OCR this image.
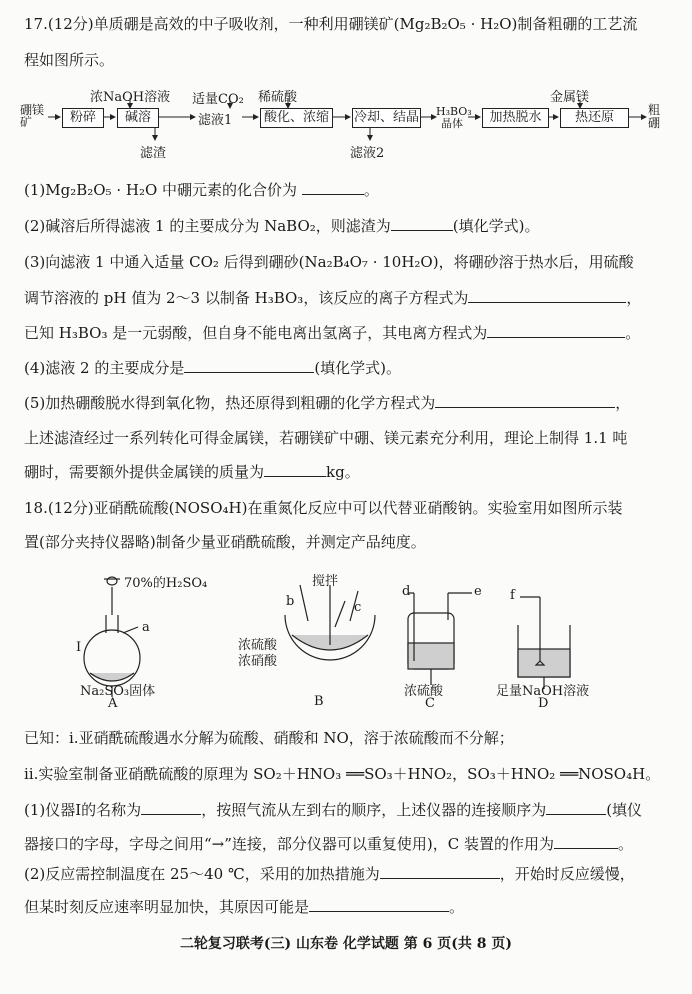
17.(12分)单质硼是高效的中子吸收剂，一种利用硼镁矿(Mg₂B₂O₅ · H₂O)制备粗硼的工艺流
程如图所示。
硼镁矿	粉碎
浓NaOH溶液
碱溶
滤渣
适量CO₂
滤液1
稀硫酸
酸化、浓缩	冷却、结晶
滤液2
H₃BO₃晶体	加热脱水
金属镁
热还原	粗硼
(1)Mg₂B₂O₅ · H₂O 中硼元素的化合价为	。
(2)碱溶后所得滤液 1 的主要成分为 NaBO₂，则滤渣为	(填化学式)。
(3)向滤液 1 中通入适量 CO₂ 后得到硼砂(Na₂B₄O₇ · 10H₂O)，将硼砂溶于热水后，用硫酸
调节溶液的 pH 值为 2～3 以制备 H₃BO₃，该反应的离子方程式为	，
已知 H₃BO₃ 是一元弱酸，但自身不能电离出氢离子，其电离方程式为	。
(4)滤液 2 的主要成分是	(填化学式)。
(5)加热硼酸脱水得到氧化物，热还原得到粗硼的化学方程式为	，
上述滤渣经过一系列转化可得金属镁，若硼镁矿中硼、镁元素充分利用，理论上制得 1.1 吨
硼时，需要额外提供金属镁的质量为	kg。
18.(12分)亚硝酰硫酸(NOSO₄H)在重氮化反应中可以代替亚硝酸钠。实验室用如图所示装
置(部分夹持仪器略)制备少量亚硝酰硫酸，并测定产品纯度。
70%的H₂SO₄
a
I
Na₂SO₃固体
A
搅拌
b	c
浓硫酸
浓硝酸
B
d	e
浓硫酸
C
f
足量NaOH溶液
D
已知：ⅰ.亚硝酰硫酸遇水分解为硫酸、硝酸和 NO，溶于浓硫酸而不分解；
ⅱ.实验室制备亚硝酰硫酸的原理为 SO₂＋HNO₃ ══SO₃＋HNO₂，SO₃＋HNO₂ ══NOSO₄H。
(1)仪器Ⅰ的名称为	，按照气流从左到右的顺序，上述仪器的连接顺序为	(填仪
器接口的字母，字母之间用“→”连接，部分仪器可以重复使用)，C 装置的作用为	。
(2)反应需控制温度在 25～40 ℃，采用的加热措施为	，开始时反应缓慢，
但某时刻反应速率明显加快，其原因可能是	。
二轮复习联考(三) 山东卷 化学试题 第 6 页(共 8 页)
